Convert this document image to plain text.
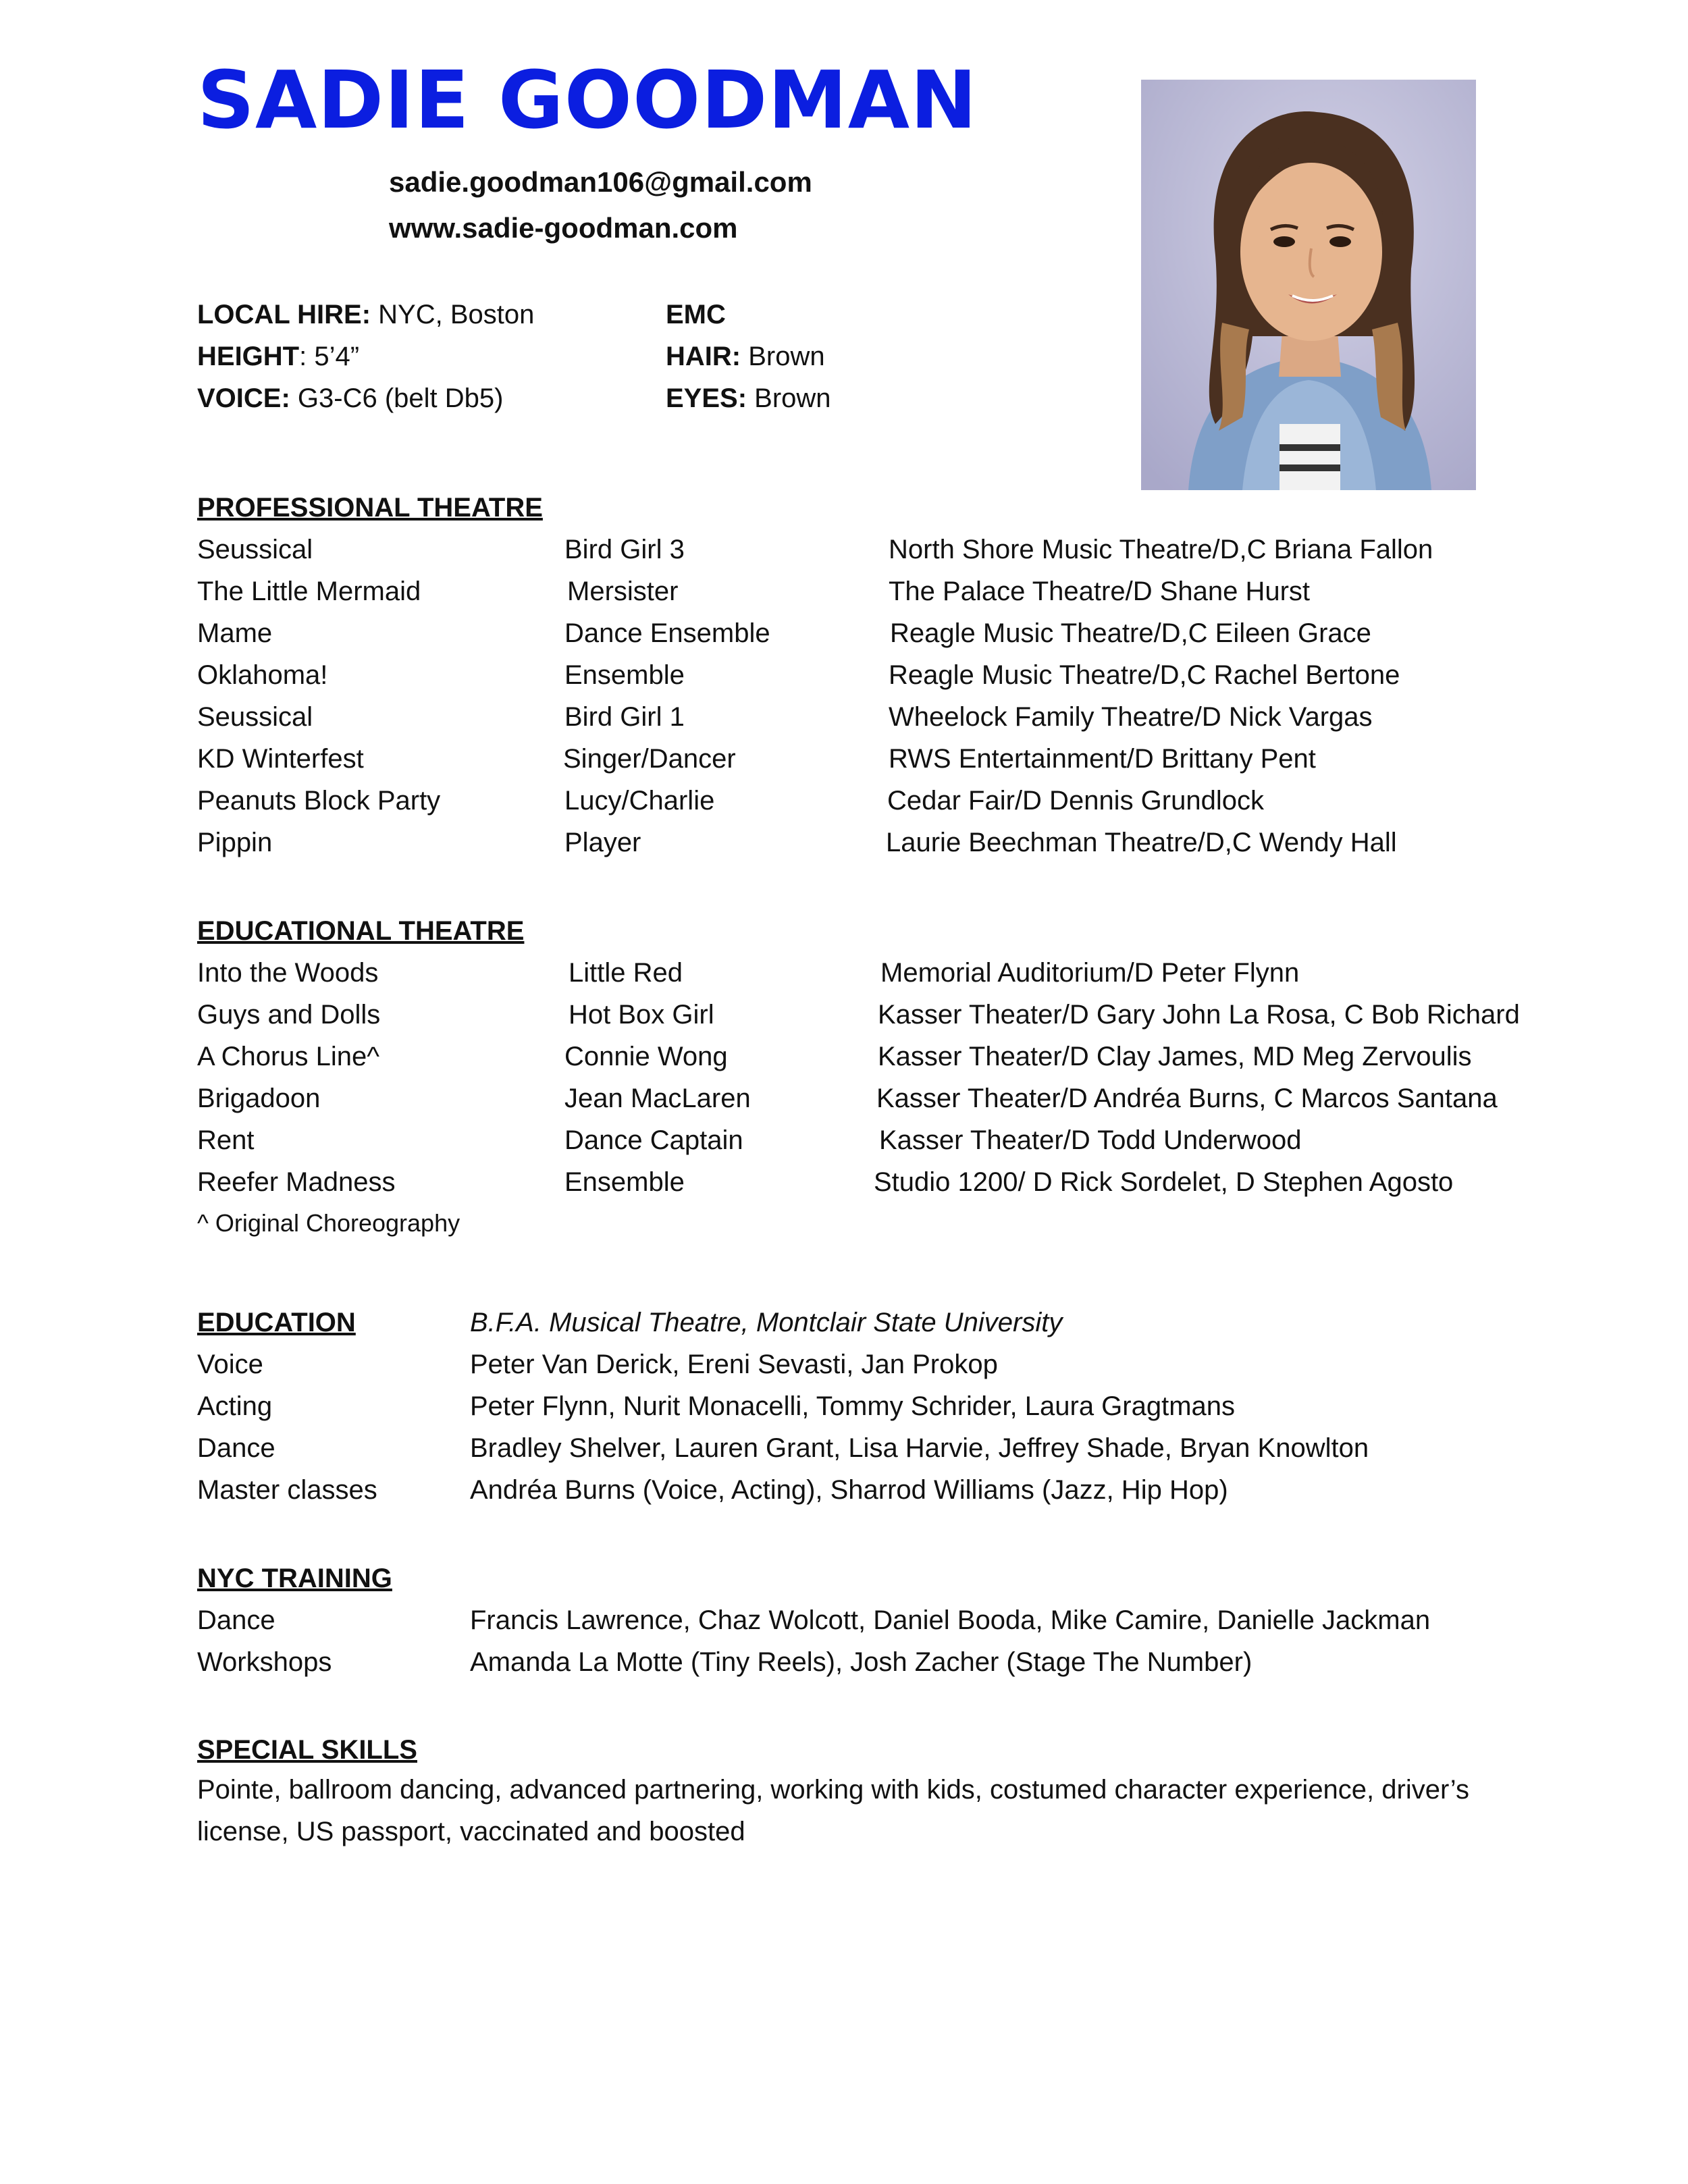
SADIE GOODMAN
sadie.goodman106@gmail.com
www.sadie-goodman.com
LOCAL HIRE: NYC, Boston
HEIGHT: 5’4”
VOICE: G3-C6 (belt Db5)
EMC
HAIR: Brown
EYES: Brown
PROFESSIONAL THEATRE
Seussical	Bird Girl 3	North Shore Music Theatre/D,C Briana Fallon
The Little Mermaid	Mersister	The Palace Theatre/D Shane Hurst
Mame	Dance Ensemble	Reagle Music Theatre/D,C Eileen Grace
Oklahoma!	Ensemble	Reagle Music Theatre/D,C Rachel Bertone
Seussical	Bird Girl 1	Wheelock Family Theatre/D Nick Vargas
KD Winterfest	Singer/Dancer	RWS Entertainment/D Brittany Pent
Peanuts Block Party	Lucy/Charlie	Cedar Fair/D Dennis Grundlock
Pippin	Player	Laurie Beechman Theatre/D,C Wendy Hall
EDUCATIONAL THEATRE
Into the Woods	Little Red	Memorial Auditorium/D Peter Flynn
Guys and Dolls	Hot Box Girl	Kasser Theater/D Gary John La Rosa, C Bob Richard
A Chorus Line^	Connie Wong	Kasser Theater/D Clay James, MD Meg Zervoulis
Brigadoon	Jean MacLaren	Kasser Theater/D Andréa Burns, C Marcos Santana
Rent	Dance Captain	Kasser Theater/D Todd Underwood
Reefer Madness	Ensemble	Studio 1200/ D Rick Sordelet, D Stephen Agosto
^ Original Choreography
EDUCATION	B.F.A. Musical Theatre, Montclair State University
Voice	Peter Van Derick, Ereni Sevasti, Jan Prokop
Acting	Peter Flynn, Nurit Monacelli, Tommy Schrider, Laura Gragtmans
Dance	Bradley Shelver, Lauren Grant, Lisa Harvie, Jeffrey Shade, Bryan Knowlton
Master classes	Andréa Burns (Voice, Acting), Sharrod Williams (Jazz, Hip Hop)
NYC TRAINING
Dance	Francis Lawrence, Chaz Wolcott, Daniel Booda, Mike Camire, Danielle Jackman
Workshops	Amanda La Motte (Tiny Reels), Josh Zacher (Stage The Number)
SPECIAL SKILLS
Pointe, ballroom dancing, advanced partnering, working with kids, costumed character experience, driver’s license, US passport, vaccinated and boosted
